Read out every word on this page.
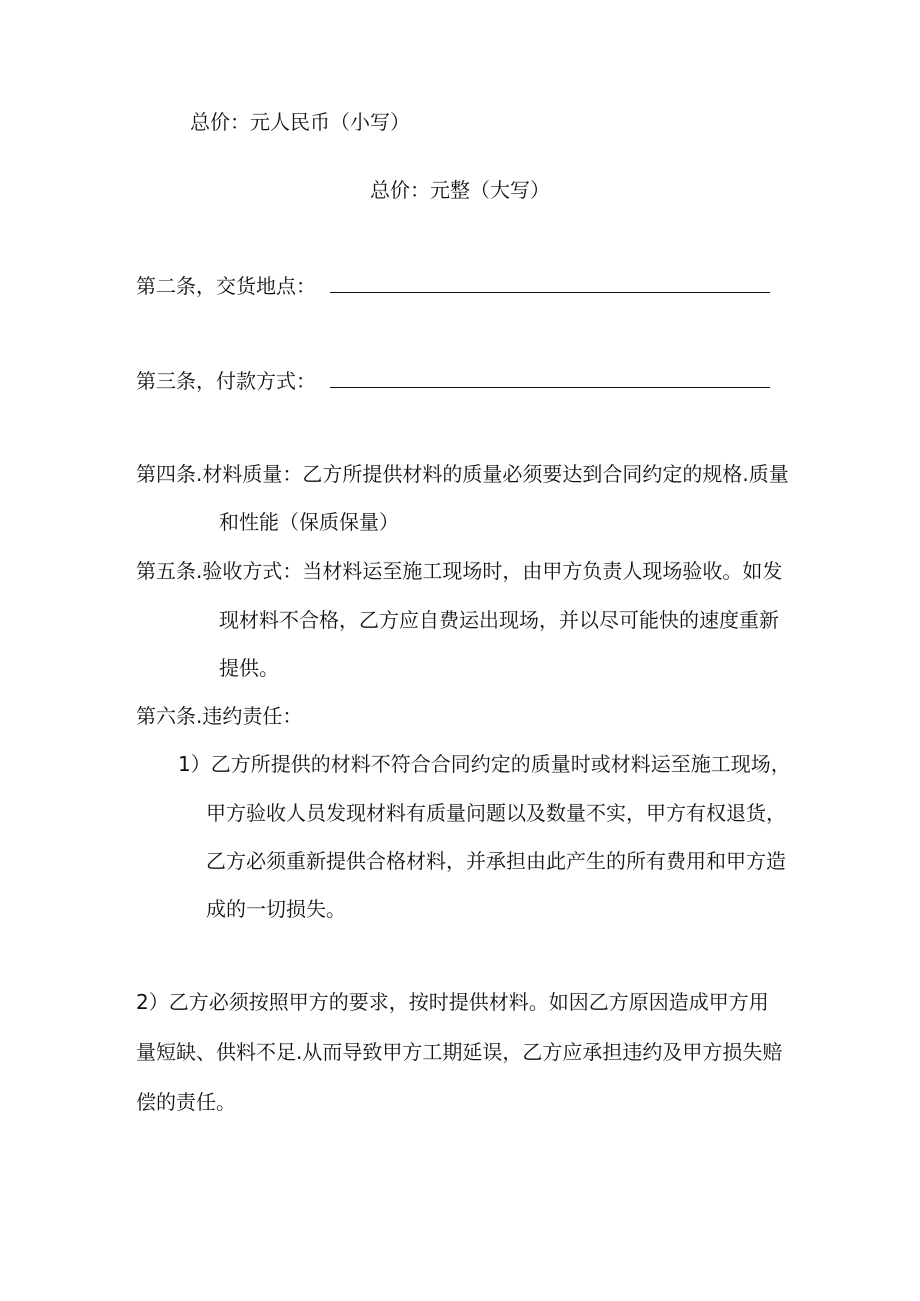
总价：元人民币（小写）
总价：元整（大写）
第二条，交货地点：
第三条，付款方式：
第四条.材料质量：乙方所提供材料的质量必须要达到合同约定的规格.质量
和性能（保质保量）
第五条.验收方式：当材料运至施工现场时，由甲方负责人现场验收。如发
现材料不合格，乙方应自费运出现场，并以尽可能快的速度重新
提供。
第六条.违约责任：
1）乙方所提供的材料不符合合同约定的质量时或材料运至施工现场，
甲方验收人员发现材料有质量问题以及数量不实，甲方有权退货，
乙方必须重新提供合格材料，并承担由此产生的所有费用和甲方造
成的一切损失。
2）乙方必须按照甲方的要求，按时提供材料。如因乙方原因造成甲方用
量短缺、供料不足.从而导致甲方工期延误，乙方应承担违约及甲方损失赔
偿的责任。
